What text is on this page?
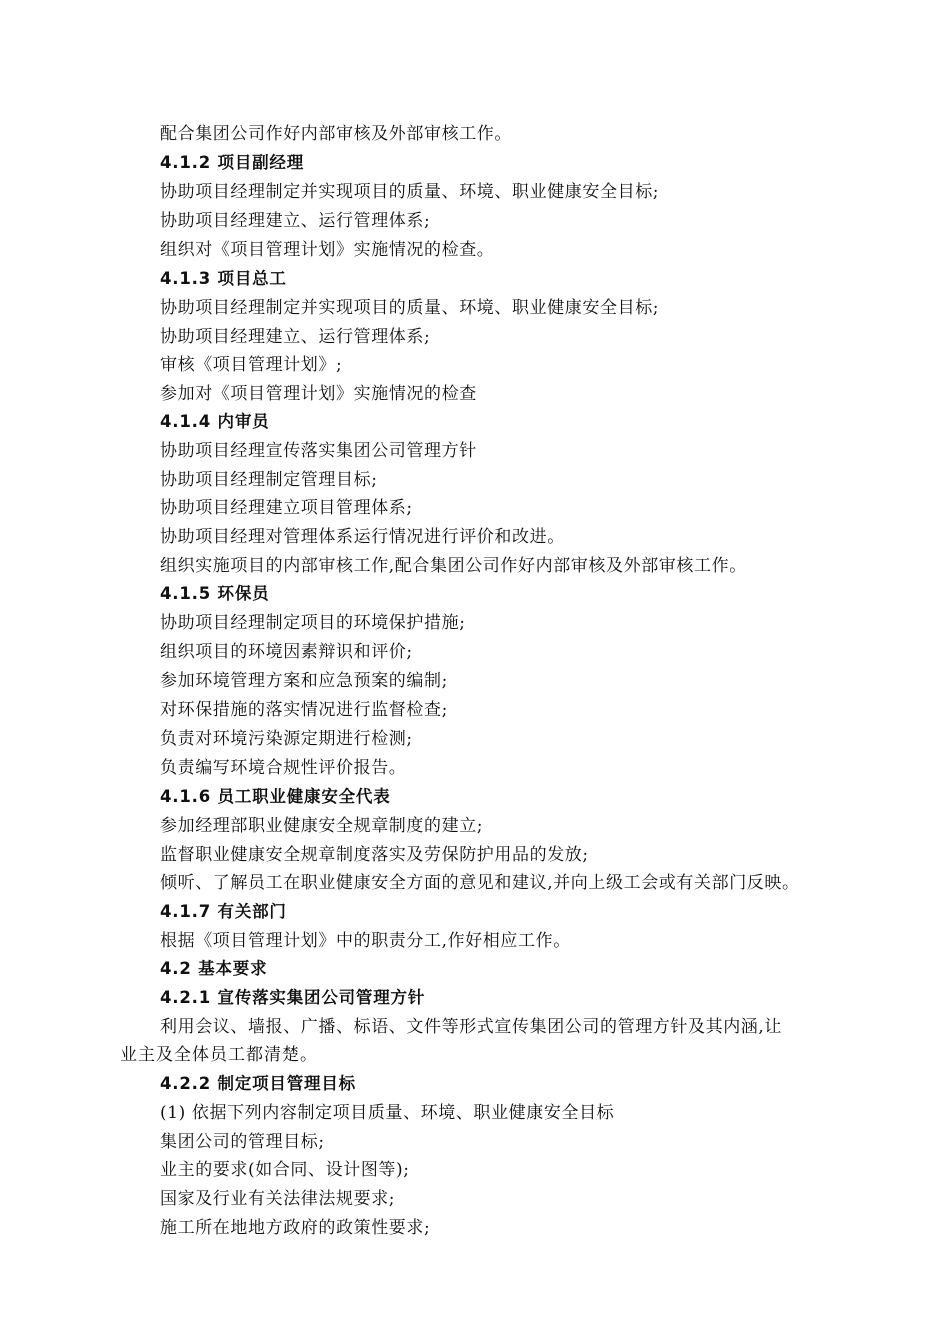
配合集团公司作好内部审核及外部审核工作。
4.1.2 项目副经理
协助项目经理制定并实现项目的质量、环境、职业健康安全目标;
协助项目经理建立、运行管理体系;
组织对《项目管理计划》实施情况的检查。
4.1.3 项目总工
协助项目经理制定并实现项目的质量、环境、职业健康安全目标;
协助项目经理建立、运行管理体系;
审核《项目管理计划》;
参加对《项目管理计划》实施情况的检查
4.1.4 内审员
协助项目经理宣传落实集团公司管理方针
协助项目经理制定管理目标;
协助项目经理建立项目管理体系;
协助项目经理对管理体系运行情况进行评价和改进。
组织实施项目的内部审核工作,配合集团公司作好内部审核及外部审核工作。
4.1.5 环保员
协助项目经理制定项目的环境保护措施;
组织项目的环境因素辩识和评价;
参加环境管理方案和应急预案的编制;
对环保措施的落实情况进行监督检查;
负责对环境污染源定期进行检测;
负责编写环境合规性评价报告。
4.1.6 员工职业健康安全代表
参加经理部职业健康安全规章制度的建立;
监督职业健康安全规章制度落实及劳保防护用品的发放;
倾听、了解员工在职业健康安全方面的意见和建议,并向上级工会或有关部门反映。
4.1.7 有关部门
根据《项目管理计划》中的职责分工,作好相应工作。
4.2 基本要求
4.2.1 宣传落实集团公司管理方针
利用会议、墙报、广播、标语、文件等形式宣传集团公司的管理方针及其内涵,让
业主及全体员工都清楚。
4.2.2 制定项目管理目标
(1) 依据下列内容制定项目质量、环境、职业健康安全目标
集团公司的管理目标;
业主的要求(如合同、设计图等);
国家及行业有关法律法规要求;
施工所在地地方政府的政策性要求;
